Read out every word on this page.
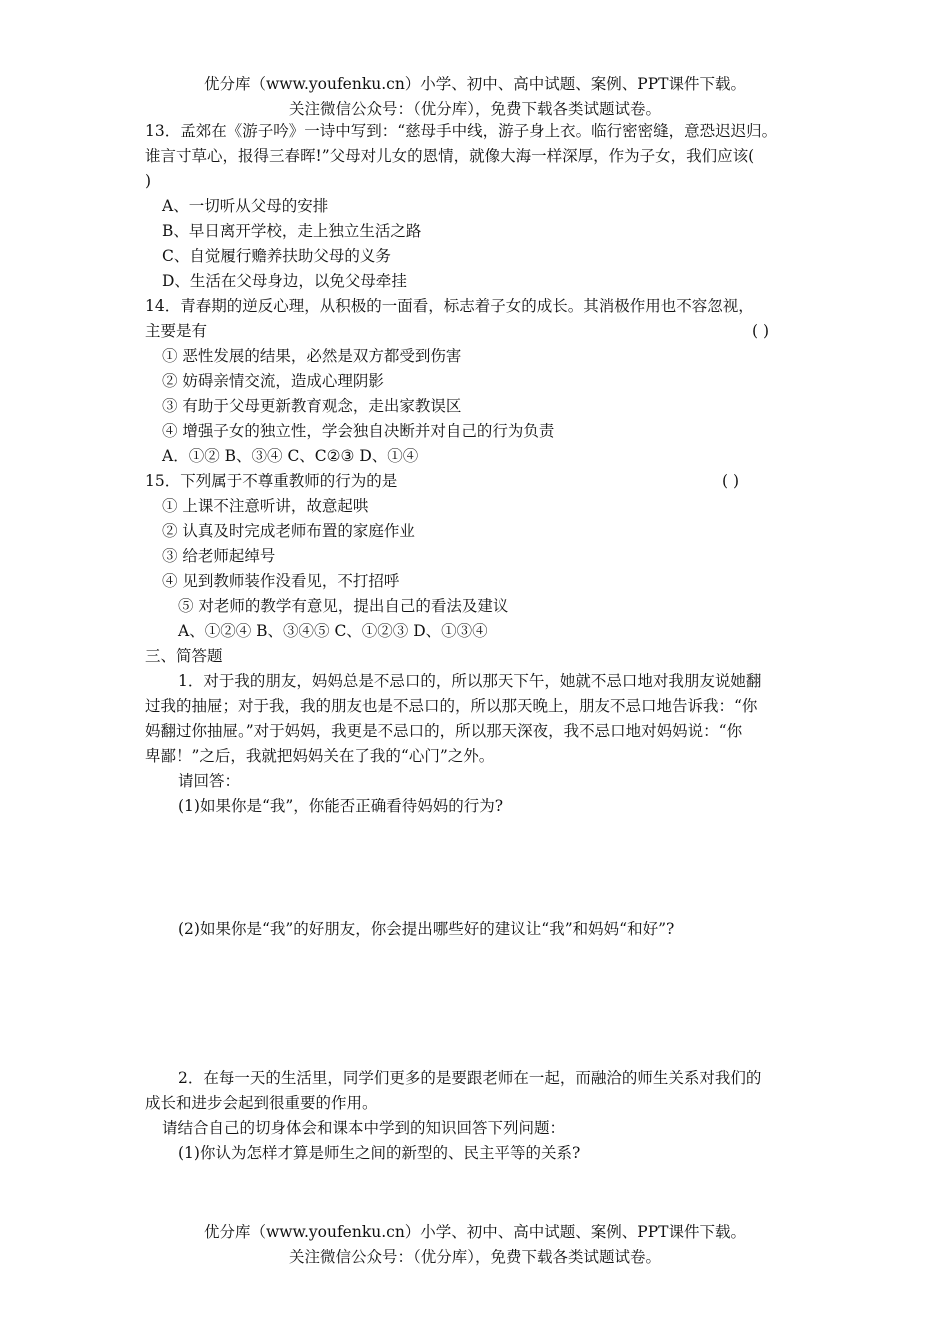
优分库（www.youfenku.cn）小学、初中、高中试题、案例、PPT课件下载。
关注微信公众号：（优分库），免费下载各类试题试卷。
13．孟郊在《游子吟》一诗中写到：“慈母手中线，游子身上衣。临行密密缝，意恐迟迟归。
谁言寸草心，报得三春晖!”父母对儿女的恩情，就像大海一样深厚，作为子女，我们应该(
)
A、一切听从父母的安排
B、早日离开学校，走上独立生活之路
C、自觉履行赡养扶助父母的义务
D、生活在父母身边，以免父母牵挂
14．青春期的逆反心理，从积极的一面看，标志着子女的成长。其消极作用也不容忽视，
主要是有	( )
① 恶性发展的结果，必然是双方都受到伤害
② 妨碍亲情交流，造成心理阴影
③ 有助于父母更新教育观念，走出家教误区
④ 增强子女的独立性，学会独自决断并对自己的行为负责
A．①② B、③④ C、C②③ D、①④
15．下列属于不尊重教师的行为的是	( )
① 上课不注意听讲，故意起哄
② 认真及时完成老师布置的家庭作业
③ 给老师起绰号
④ 见到教师装作没看见，不打招呼
⑤ 对老师的教学有意见，提出自己的看法及建议
A、①②④ B、③④⑤ C、①②③ D、①③④
三、简答题
1．对于我的朋友，妈妈总是不忌口的，所以那天下午，她就不忌口地对我朋友说她翻
过我的抽屉；对于我，我的朋友也是不忌口的，所以那天晚上，朋友不忌口地告诉我：“你
妈翻过你抽屉。”对于妈妈，我更是不忌口的，所以那天深夜，我不忌口地对妈妈说：“你
卑鄙！”之后，我就把妈妈关在了我的“心门”之外。
请回答：
(1)如果你是“我”，你能否正确看待妈妈的行为?
(2)如果你是“我”的好朋友，你会提出哪些好的建议让“我”和妈妈“和好”?
2．在每一天的生活里，同学们更多的是要跟老师在一起，而融洽的师生关系对我们的
成长和进步会起到很重要的作用。
请结合自己的切身体会和课本中学到的知识回答下列问题：
(1)你认为怎样才算是师生之间的新型的、民主平等的关系?
优分库（www.youfenku.cn）小学、初中、高中试题、案例、PPT课件下载。
关注微信公众号：（优分库），免费下载各类试题试卷。
